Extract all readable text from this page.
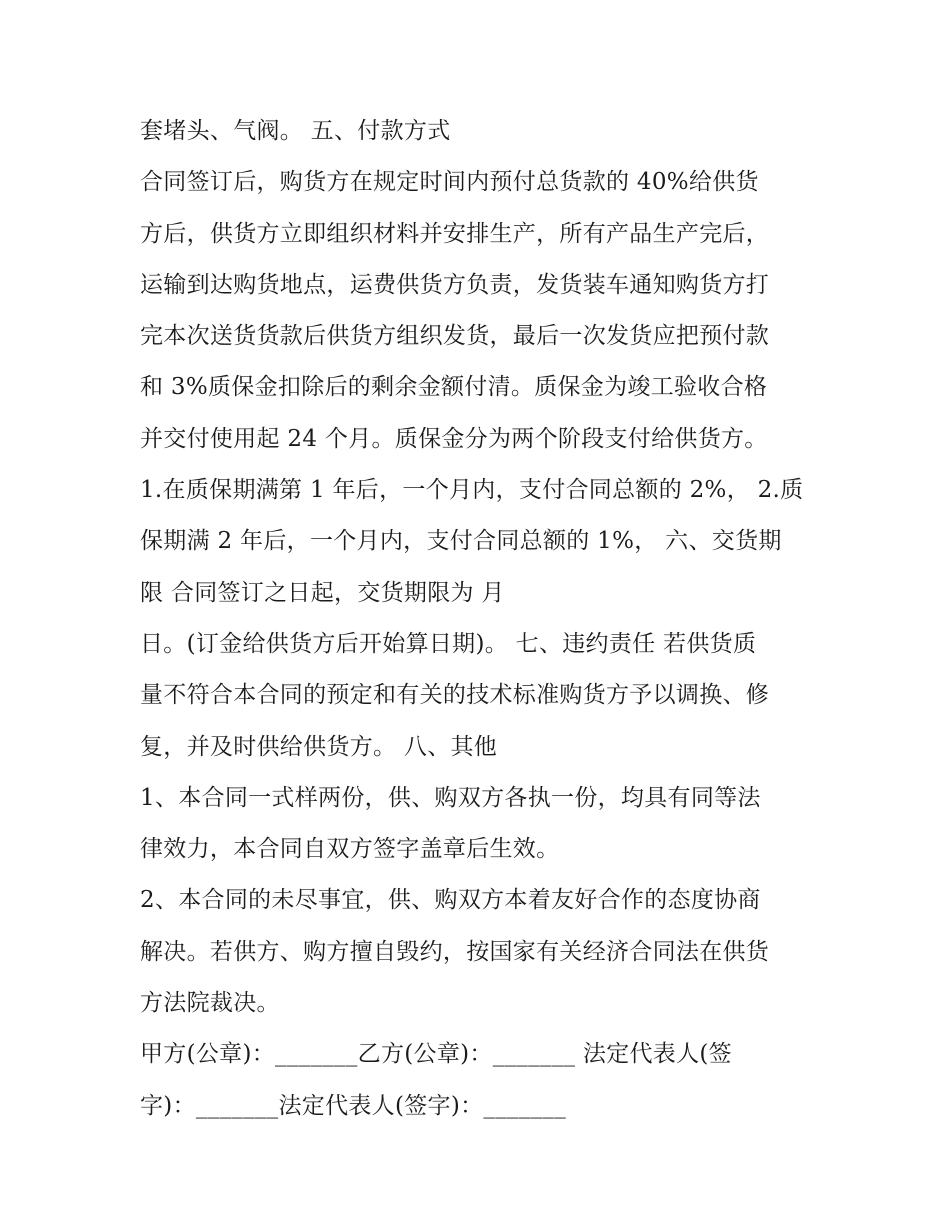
套堵头、气阀。 五、付款方式
合同签订后，购货方在规定时间内预付总货款的 40%给供货
方后，供货方立即组织材料并安排生产，所有产品生产完后，
运输到达购货地点，运费供货方负责，发货装车通知购货方打
完本次送货货款后供货方组织发货，最后一次发货应把预付款
和 3%质保金扣除后的剩余金额付清。质保金为竣工验收合格
并交付使用起 24 个月。质保金分为两个阶段支付给供货方。
1.在质保期满第 1 年后，一个月内，支付合同总额的 2%， 2.质
保期满 2 年后，一个月内，支付合同总额的 1%， 六、交货期
限 合同签订之日起，交货期限为 月
日。(订金给供货方后开始算日期)。 七、违约责任 若供货质
量不符合本合同的预定和有关的技术标准购货方予以调换、修
复，并及时供给供货方。 八、其他
1、本合同一式样两份，供、购双方各执一份，均具有同等法
律效力，本合同自双方签字盖章后生效。
2、本合同的未尽事宜，供、购双方本着友好合作的态度协商
解决。若供方、购方擅自毁约，按国家有关经济合同法在供货
方法院裁决。
甲方(公章)：_______乙方(公章)：_______ 法定代表人(签
字)：_______法定代表人(签字)：_______
